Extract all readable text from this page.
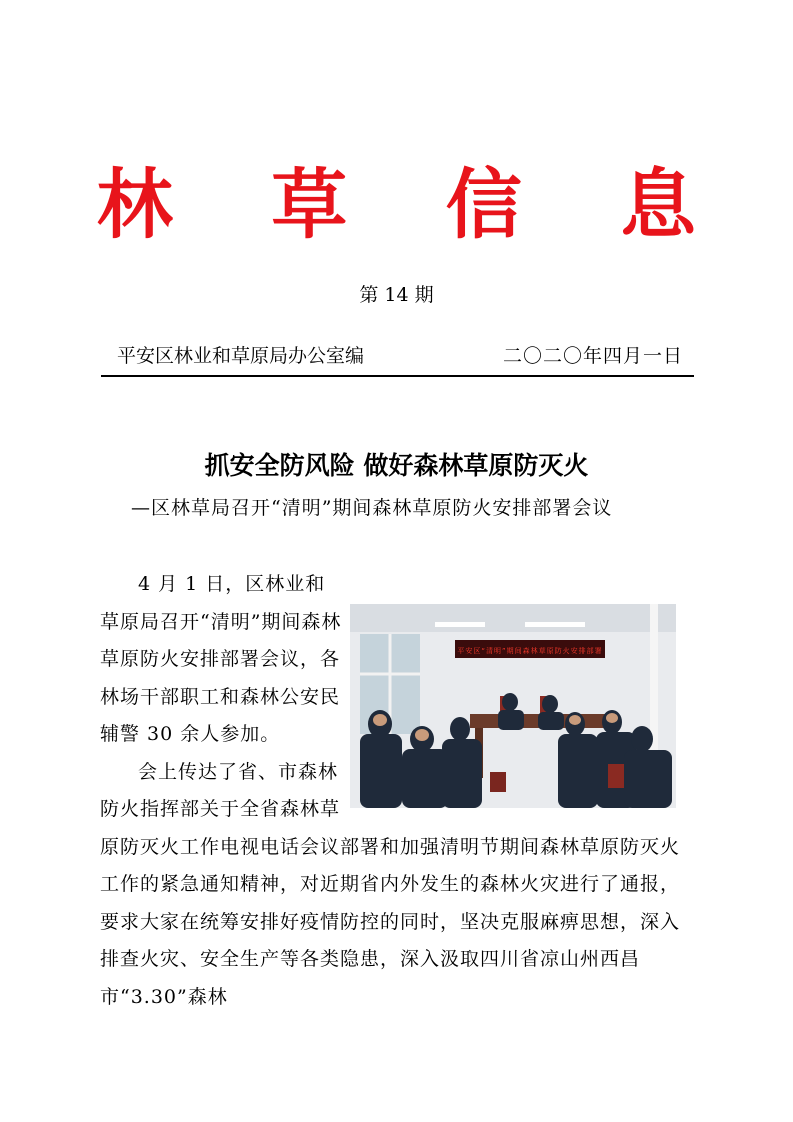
林 草 信 息
第 14 期
平安区林业和草原局办公室编	二〇二〇年四月一日
抓安全防风险 做好森林草原防灭火
—区林草局召开“清明”期间森林草原防火安排部署会议
平安区“清明”期间森林草原防火安排部署

4 月 1 日，区林业和草原局召开“清明”期间森林草原防火安排部署会议，各林场干部职工和森林公安民辅警 30 余人参加。

会上传达了省、市森林防火指挥部关于全省森林草原防灭火工作电视电话会议部署和加强清明节期间森林草原防灭火工作的紧急通知精神，对近期省内外发生的森林火灾进行了通报，要求大家在统筹安排好疫情防控的同时，坚决克服麻痹思想，深入排查火灾、安全生产等各类隐患，深入汲取四川省凉山州西昌市“3.30”森林
